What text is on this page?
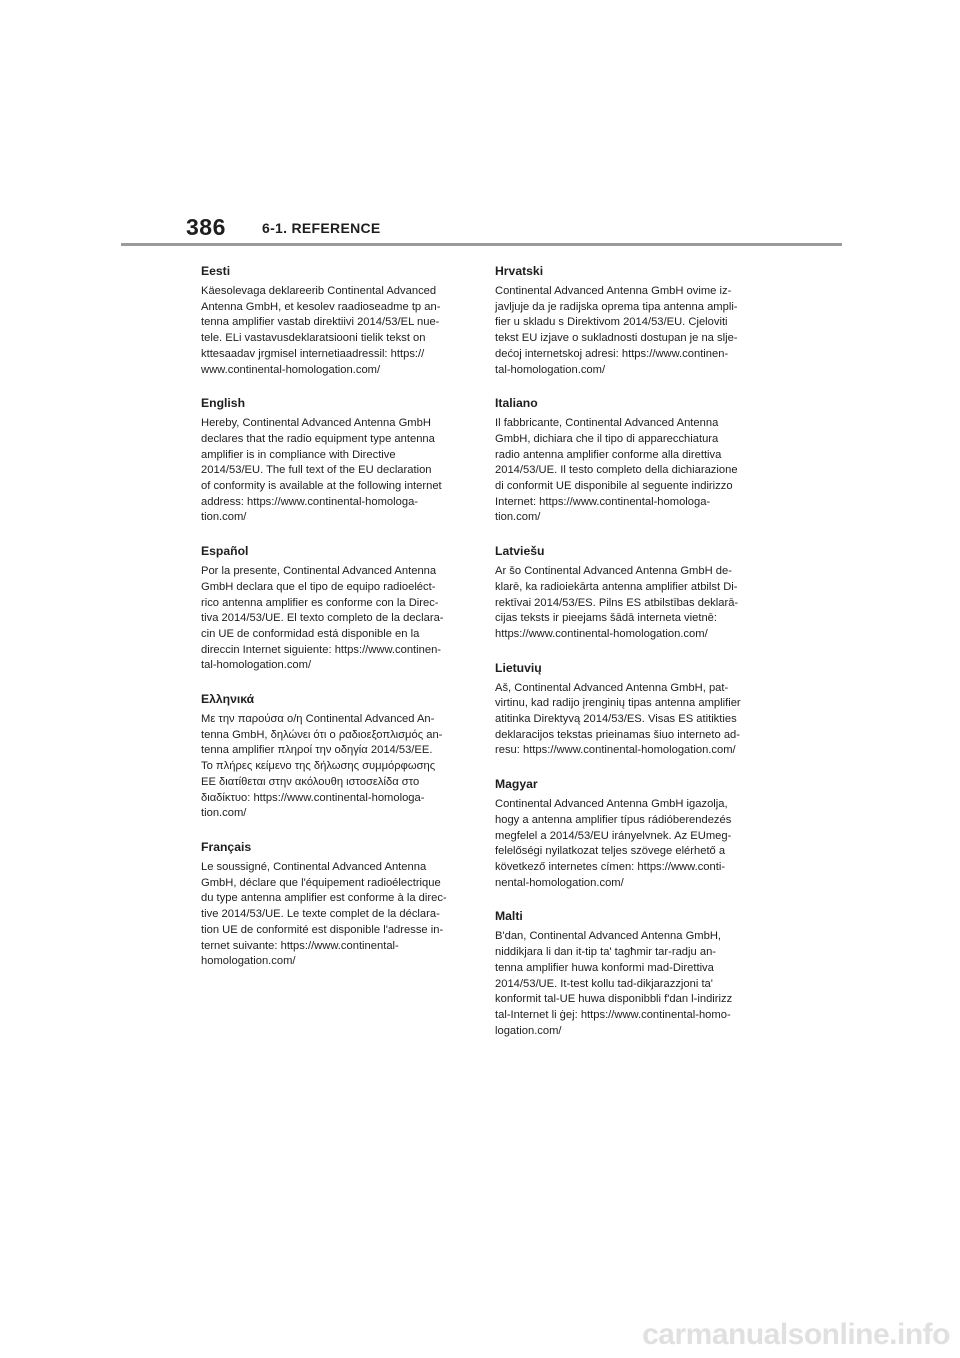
386	6-1. REFERENCE
Eesti

Käesolevaga deklareerib Continental Advanced
Antenna GmbH, et kesolev raadioseadme tp an-
tenna amplifier vastab direktiivi 2014/53/EL nue-
tele. ELi vastavusdeklaratsiooni tielik tekst on
kttesaadav jrgmisel internetiaadressil: https://
www.continental-homologation.com/

English

Hereby, Continental Advanced Antenna GmbH
declares that the radio equipment type antenna
amplifier is in compliance with Directive
2014/53/EU. The full text of the EU declaration
of conformity is available at the following internet
address: https://www.continental-homologa-
tion.com/

Español

Por la presente, Continental Advanced Antenna
GmbH declara que el tipo de equipo radioeléct-
rico antenna amplifier es conforme con la Direc-
tiva 2014/53/UE. El texto completo de la declara-
cin UE de conformidad está disponible en la
direccin Internet siguiente: https://www.continen-
tal-homologation.com/

Ελληνικά

Με την παρούσα ο/η Continental Advanced An-
tenna GmbH, δηλώνει ότι ο ραδιοεξοπλισμός an-
tenna amplifier πληροί την οδηγία 2014/53/ΕΕ.
Το πλήρες κείμενο της δήλωσης συμμόρφωσης
ΕΕ διατίθεται στην ακόλουθη ιστοσελίδα στο
διαδίκτυο: https://www.continental-homologa-
tion.com/

Français

Le soussigné, Continental Advanced Antenna
GmbH, déclare que l'équipement radioélectrique
du type antenna amplifier est conforme à la direc-
tive 2014/53/UE. Le texte complet de la déclara-
tion UE de conformité est disponible l'adresse in-
ternet suivante: https://www.continental-
homologation.com/

Hrvatski

Continental Advanced Antenna GmbH ovime iz-
javljuje da je radijska oprema tipa antenna ampli-
fier u skladu s Direktivom 2014/53/EU. Cjeloviti
tekst EU izjave o sukladnosti dostupan je na slje-
dećoj internetskoj adresi: https://www.continen-
tal-homologation.com/

Italiano

Il fabbricante, Continental Advanced Antenna
GmbH, dichiara che il tipo di apparecchiatura
radio antenna amplifier conforme alla direttiva
2014/53/UE. Il testo completo della dichiarazione
di conformit UE disponibile al seguente indirizzo
Internet: https://www.continental-homologa-
tion.com/

Latviešu

Ar šo Continental Advanced Antenna GmbH de-
klarē, ka radioiekārta antenna amplifier atbilst Di-
rektīvai 2014/53/ES. Pilns ES atbilstības deklarā-
cijas teksts ir pieejams šādā interneta vietnē:
https://www.continental-homologation.com/

Lietuvių

Aš, Continental Advanced Antenna GmbH, pat-
virtinu, kad radijo įrenginių tipas antenna amplifier
atitinka Direktyvą 2014/53/ES. Visas ES atitikties
deklaracijos tekstas prieinamas šiuo interneto ad-
resu: https://www.continental-homologation.com/

Magyar

Continental Advanced Antenna GmbH igazolja,
hogy a antenna amplifier típus rádióberendezés
megfelel a 2014/53/EU irányelvnek. Az EUmeg-
felelőségi nyilatkozat teljes szövege elérhető a
következő internetes címen: https://www.conti-
nental-homologation.com/

Malti

B'dan, Continental Advanced Antenna GmbH,
niddikjara li dan it-tip ta' tagħmir tar-radju an-
tenna amplifier huwa konformi mad-Direttiva
2014/53/UE. It-test kollu tad-dikjarazzjoni ta'
konformit tal-UE huwa disponibbli f'dan l-indirizz
tal-Internet li ġej: https://www.continental-homo-
logation.com/

carmanualsonline.info
